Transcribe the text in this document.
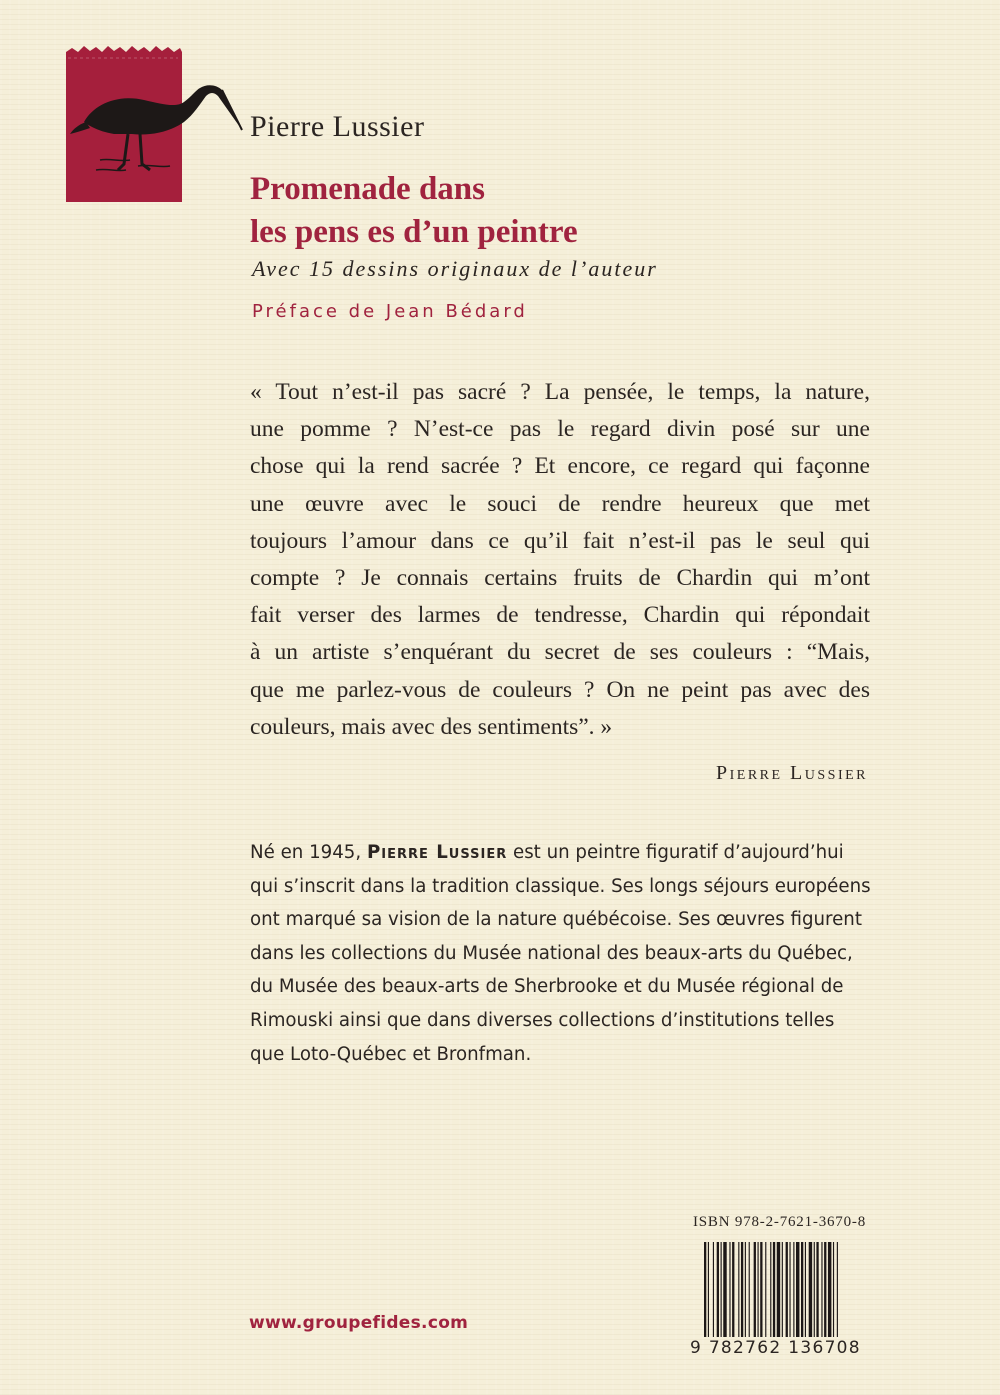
Pierre Lussier
Promenade dans
les pens es d’un peintre
Avec 15 dessins originaux de l’auteur
Préface de Jean Bédard
« Tout n’est-il pas sacré ? La pensée, le temps, la nature,
une pomme ? N’est-ce pas le regard divin posé sur une
chose qui la rend sacrée ? Et encore, ce regard qui façonne
une œuvre avec le souci de rendre heureux que met
toujours l’amour dans ce qu’il fait n’est-il pas le seul qui
compte ? Je connais certains fruits de Chardin qui m’ont
fait verser des larmes de tendresse, Chardin qui répondait
à un artiste s’enquérant du secret de ses couleurs : “Mais,
que me parlez-vous de couleurs ? On ne peint pas avec des
couleurs, mais avec des sentiments”. »
Pierre Lussier
Né en 1945, Pierre Lussier est un peintre figuratif d’aujourd’hui
qui s’inscrit dans la tradition classique. Ses longs séjours européens
ont marqué sa vision de la nature québécoise. Ses œuvres figurent
dans les collections du Musée national des beaux-arts du Québec,
du Musée des beaux-arts de Sherbrooke et du Musée régional de
Rimouski ainsi que dans diverses collections d’institutions telles
que Loto-Québec et Bronfman.
ISBN 978-2-7621-3670-8
9 782762 136708
www.groupefides.com
